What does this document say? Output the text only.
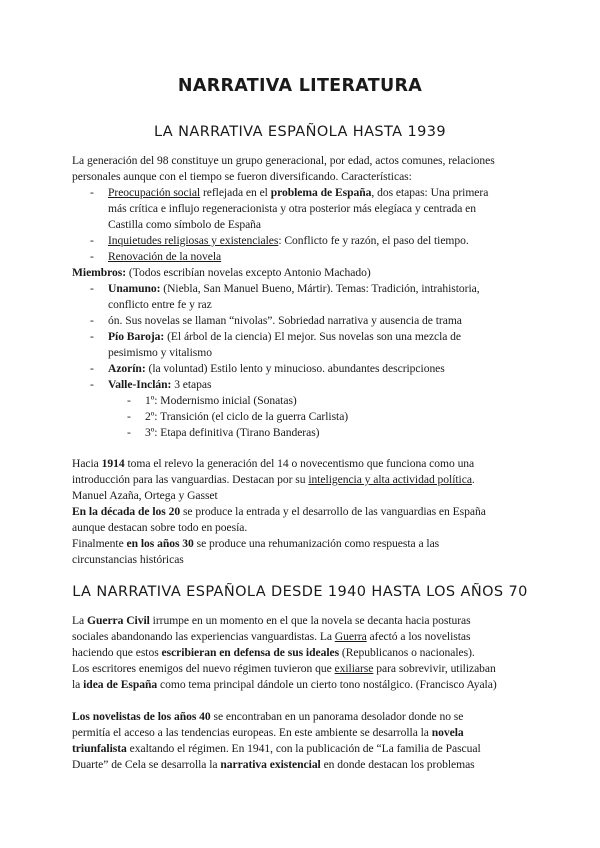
NARRATIVA LITERATURA
LA NARRATIVA ESPAÑOLA HASTA 1939
La generación del 98 constituye un grupo generacional, por edad, actos comunes, relaciones
personales aunque con el tiempo se fueron diversificando. Características:
- Preocupación social reflejada en el problema de España, dos etapas: Una primera
más crítica e influjo regeneracionista y otra posterior más elegíaca y centrada en
Castilla como símbolo de España
- Inquietudes religiosas y existenciales: Conflicto fe y razón, el paso del tiempo.
- Renovación de la novela
Miembros: (Todos escribían novelas excepto Antonio Machado)
- Unamuno: (Niebla, San Manuel Bueno, Mártir). Temas: Tradición, intrahistoria,
conflicto entre fe y raz
- ón. Sus novelas se llaman “nivolas”. Sobriedad narrativa y ausencia de trama
- Pío Baroja: (El árbol de la ciencia) El mejor. Sus novelas son una mezcla de
pesimismo y vitalismo
- Azorín: (la voluntad) Estilo lento y minucioso. abundantes descripciones
- Valle-Inclán: 3 etapas
- 1º: Modernismo inicial (Sonatas)
- 2º: Transición (el ciclo de la guerra Carlista)
- 3º: Etapa definitiva (Tirano Banderas)
Hacia 1914 toma el relevo la generación del 14 o novecentismo que funciona como una
introducción para las vanguardias. Destacan por su inteligencia y alta actividad política.
Manuel Azaña, Ortega y Gasset
En la década de los 20 se produce la entrada y el desarrollo de las vanguardias en España
aunque destacan sobre todo en poesía.
Finalmente en los años 30 se produce una rehumanización como respuesta a las
circunstancias históricas
LA NARRATIVA ESPAÑOLA DESDE 1940 HASTA LOS AÑOS 70
La Guerra Civil irrumpe en un momento en el que la novela se decanta hacia posturas
sociales abandonando las experiencias vanguardistas. La Guerra afectó a los novelistas
haciendo que estos escribieran en defensa de sus ideales (Republicanos o nacionales).
Los escritores enemigos del nuevo régimen tuvieron que exiliarse para sobrevivir, utilizaban
la idea de España como tema principal dándole un cierto tono nostálgico. (Francisco Ayala)
Los novelistas de los años 40 se encontraban en un panorama desolador donde no se
permitía el acceso a las tendencias europeas. En este ambiente se desarrolla la novela
triunfalista exaltando el régimen. En 1941, con la publicación de “La familia de Pascual
Duarte” de Cela se desarrolla la narrativa existencial en donde destacan los problemas
